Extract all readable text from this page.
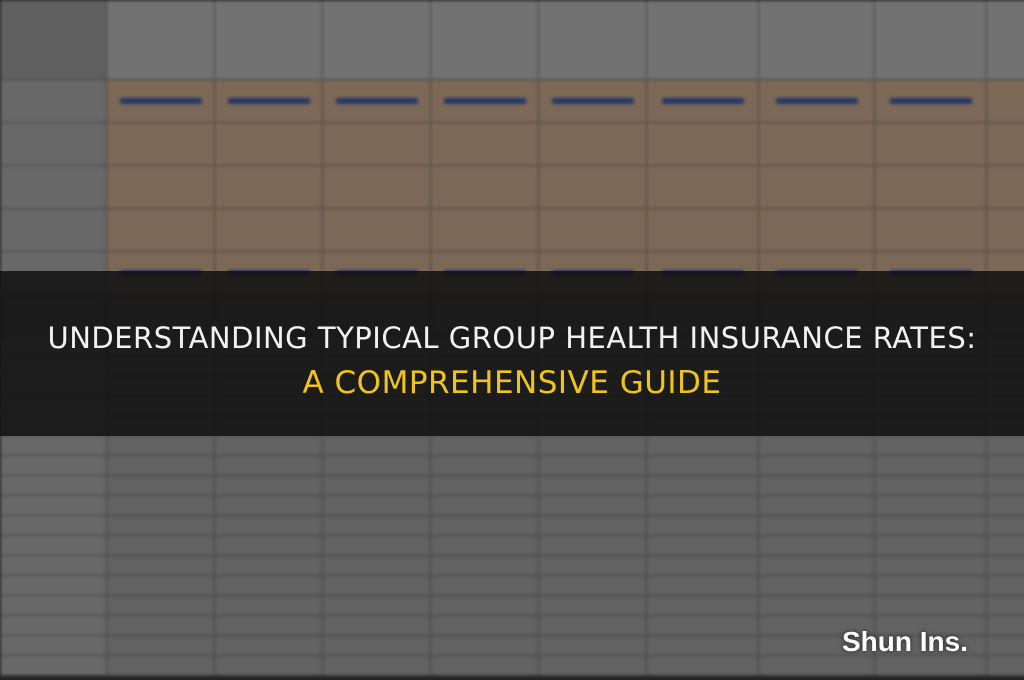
UNDERSTANDING TYPICAL GROUP HEALTH INSURANCE RATES:
A COMPREHENSIVE GUIDE
Shun Ins.
